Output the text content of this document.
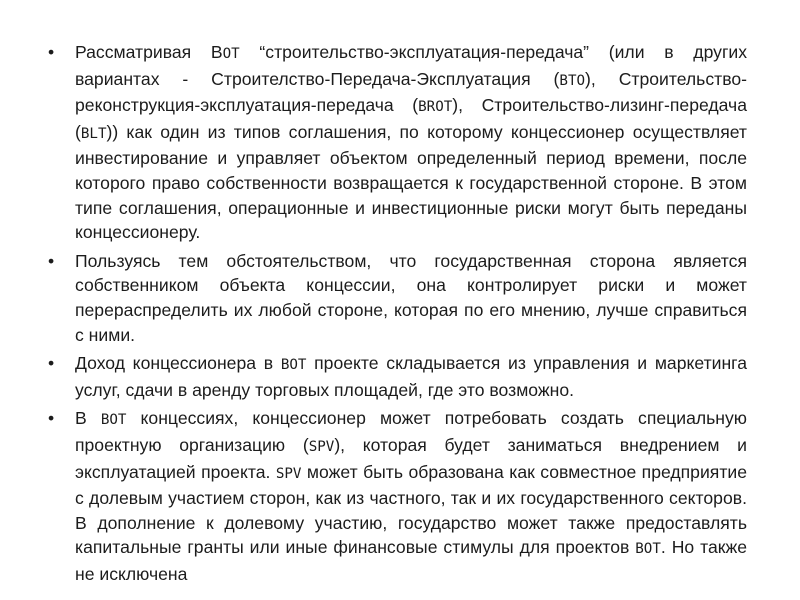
• Рассматривая ВОТ “строительство-эксплуатация-передача” (или в других вариантах - Строителство-Передача-Эксплуатация (BTO), Строительство-реконструкция-эксплуатация-передача (BROT), Строительство-лизинг-передача (BLT)) как один из типов соглашения, по которому концессионер осуществляет инвестирование и управляет объектом определенный период времени, после которого право собственности возвращается к государственной стороне. В этом типе соглашения, операционные и инвестиционные риски могут быть переданы концессионеру.
• Пользуясь тем обстоятельством, что государственная сторона является собственником объекта концессии, она контролирует риски и может перераспределить их любой стороне, которая по его мнению, лучше справиться с ними.
• Доход концессионера в BOT проекте складывается из управления и маркетинга услуг, сдачи в аренду торговых площадей, где это возможно.
• В BOT концессиях, концессионер может потребовать создать специальную проектную организацию (SPV), которая будет заниматься внедрением и эксплуатацией проекта. SPV может быть образована как совместное предприятие с долевым участием сторон, как из частного, так и их государственного секторов. В дополнение к долевому участию, государство может также предоставлять капитальные гранты или иные финансовые стимулы для проектов BOT. Но также не исключена
